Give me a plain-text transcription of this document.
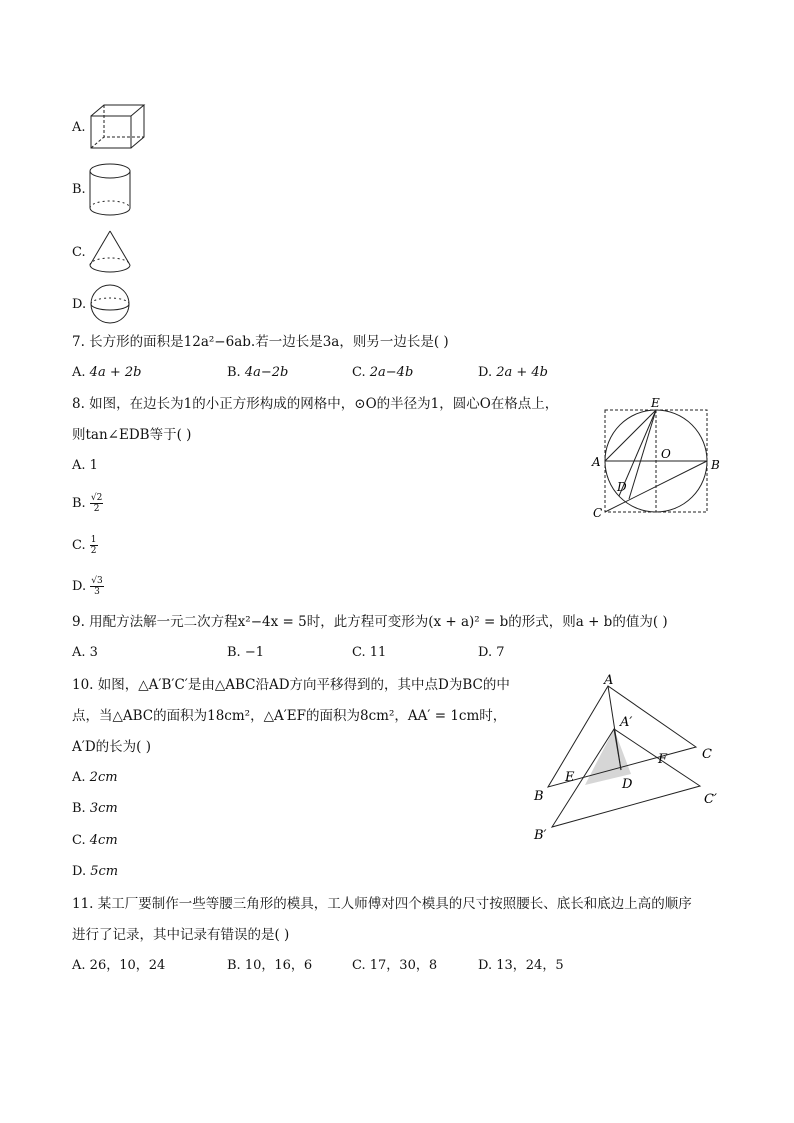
A.
B.
C.
D.
7. 长方形的面积是12a²−6ab.若一边长是3a，则另一边长是( )
A. 4a + 2b	B. 4a−2b	C. 2a−4b	D. 2a + 4b
8. 如图，在边长为1的小正方形构成的网格中，⊙O的半径为1，圆心O在格点上，
则tan∠EDB等于( )
A. 1
B. $\frac{√2}{2}$
C. $\frac{1}{2}$
D. $\frac{√3}{3}$
E
A
O
B
D
C
9. 用配方法解一元二次方程x²−4x = 5时，此方程可变形为(x + a)² = b的形式，则a + b的值为( )
A. 3	B. −1	C. 11	D. 7
10. 如图，△A′B′C′是由△ABC沿AD方向平移得到的，其中点D为BC的中
点，当△ABC的面积为18cm²，△A′EF的面积为8cm²，AA′ = 1cm时，
A′D的长为( )
A. 2cm
B. 3cm
C. 4cm
D. 5cm
A
A′
C
F
E	D
B	C′
B′
11. 某工厂要制作一些等腰三角形的模具，工人师傅对四个模具的尺寸按照腰长、底长和底边上高的顺序
进行了记录，其中记录有错误的是( )
A. 26，10，24	B. 10，16，6	C. 17，30，8	D. 13，24，5
